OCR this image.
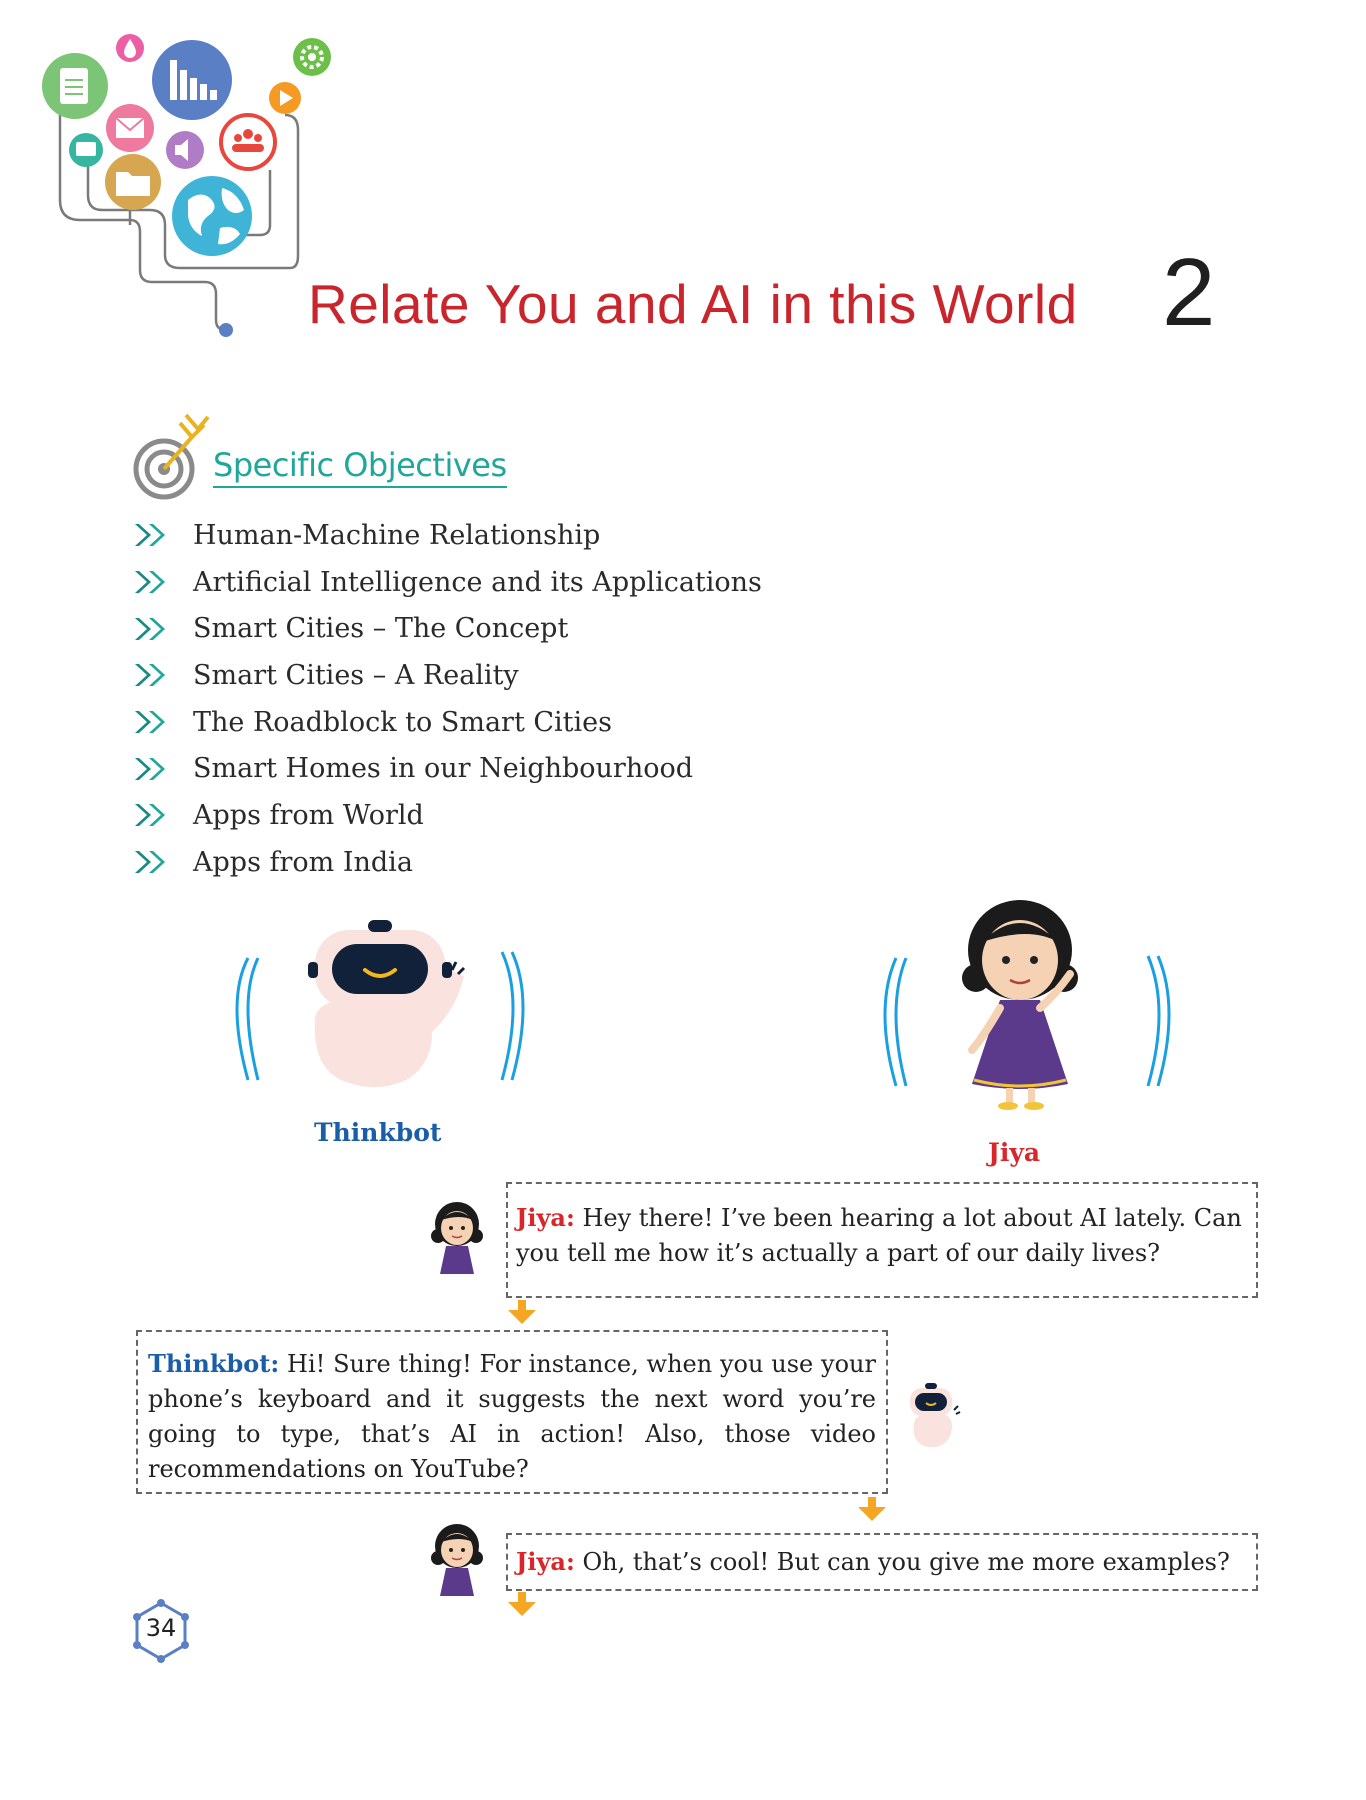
Relate You and AI in this World 2
Specific Objectives
Human-Machine Relationship
Artificial Intelligence and its Applications
Smart Cities – The Concept
Smart Cities – A Reality
The Roadblock to Smart Cities
Smart Homes in our Neighbourhood
Apps from World
Apps from India
Thinkbot
Jiya
Jiya: Hey there! I’ve been hearing a lot about AI lately. Can you tell me how it’s actually a part of our daily lives?
Thinkbot: Hi! Sure thing! For instance, when you use your phone’s keyboard and it suggests the next word you’re going to type, that’s AI in action! Also, those video recommendations on YouTube?
Jiya: Oh, that’s cool! But can you give me more examples?
34
